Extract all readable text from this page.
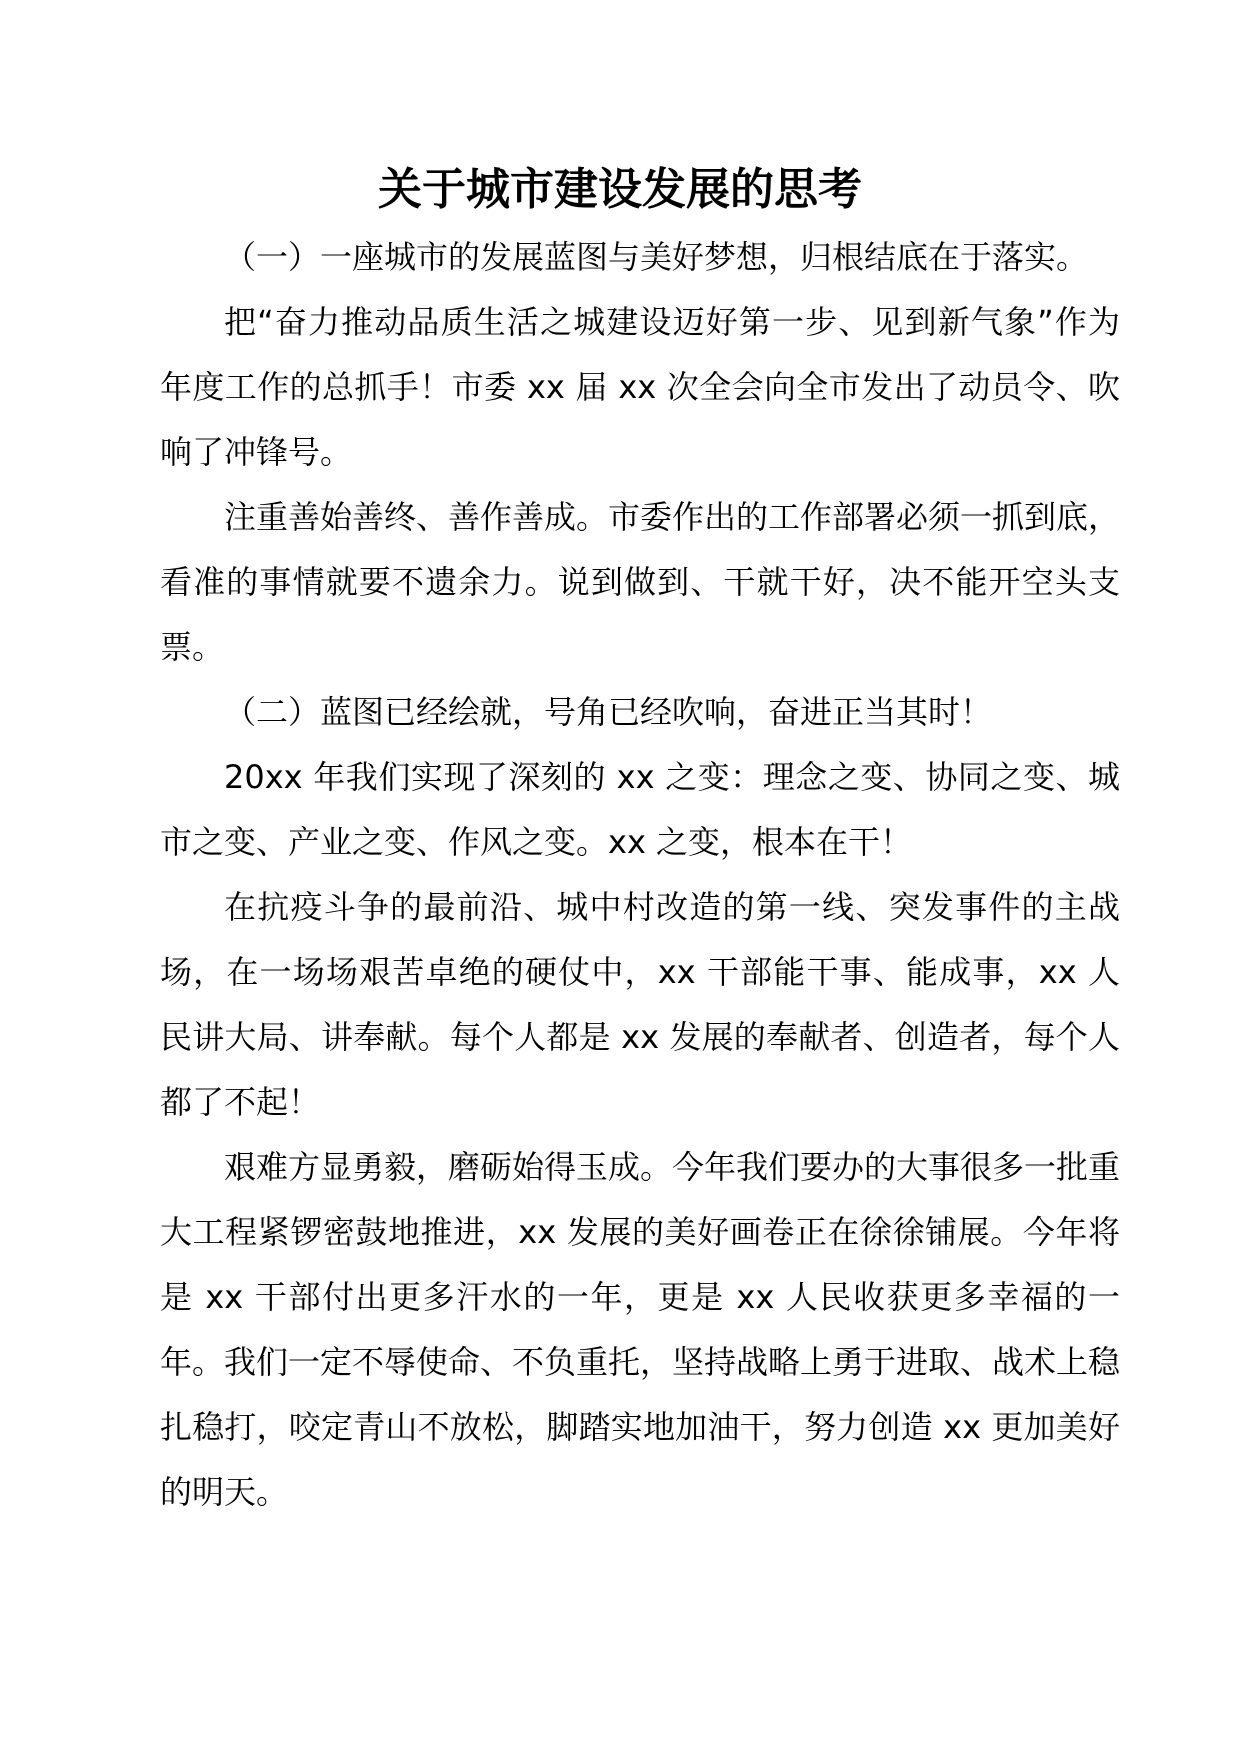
关于城市建设发展的思考

（一）一座城市的发展蓝图与美好梦想，归根结底在于落实。

把“奋力推动品质生活之城建设迈好第一步、见到新气象”作为年度工作的总抓手！市委 xx 届 xx 次全会向全市发出了动员令、吹响了冲锋号。

注重善始善终、善作善成。市委作出的工作部署必须一抓到底，看准的事情就要不遗余力。说到做到、干就干好，决不能开空头支票。

（二）蓝图已经绘就，号角已经吹响，奋进正当其时！

20xx 年我们实现了深刻的 xx 之变：理念之变、协同之变、城市之变、产业之变、作风之变。xx 之变，根本在干！

在抗疫斗争的最前沿、城中村改造的第一线、突发事件的主战场，在一场场艰苦卓绝的硬仗中，xx 干部能干事、能成事，xx 人民讲大局、讲奉献。每个人都是 xx 发展的奉献者、创造者，每个人都了不起！

艰难方显勇毅，磨砺始得玉成。今年我们要办的大事很多一批重大工程紧锣密鼓地推进，xx 发展的美好画卷正在徐徐铺展。今年将是 xx 干部付出更多汗水的一年，更是 xx 人民收获更多幸福的一年。我们一定不辱使命、不负重托，坚持战略上勇于进取、战术上稳扎稳打，咬定青山不放松，脚踏实地加油干，努力创造 xx 更加美好的明天。
